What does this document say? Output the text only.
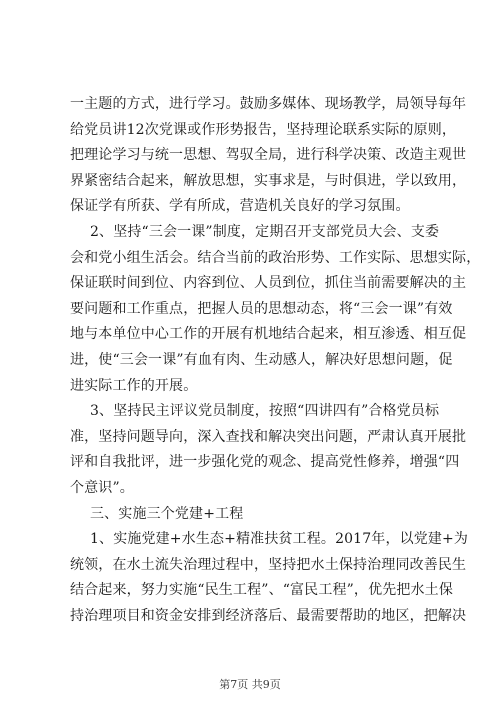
一主题的方式，进行学习。鼓励多媒体、现场教学，局领导每年
给党员讲12次党课或作形势报告，坚持理论联系实际的原则，
把理论学习与统一思想、驾驭全局，进行科学决策、改造主观世
界紧密结合起来，解放思想，实事求是，与时俱进，学以致用，
保证学有所获、学有所成，营造机关良好的学习氛围。
2、坚持“三会一课”制度，定期召开支部党员大会、支委
会和党小组生活会。结合当前的政治形势、工作实际、思想实际，
保证联时间到位、内容到位、人员到位，抓住当前需要解决的主
要问题和工作重点，把握人员的思想动态，将“三会一课”有效
地与本单位中心工作的开展有机地结合起来，相互渗透、相互促
进，使“三会一课”有血有肉、生动感人，解决好思想问题，促
进实际工作的开展。
3、坚持民主评议党员制度，按照“四讲四有”合格党员标
准，坚持问题导向，深入查找和解决突出问题，严肃认真开展批
评和自我批评，进一步强化党的观念、提高党性修养，增强“四
个意识”。
三、实施三个党建+工程
1、实施党建+水生态+精准扶贫工程。2017年，以党建+为
统领，在水土流失治理过程中，坚持把水土保持治理同改善民生
结合起来，努力实施“民生工程”、“富民工程”，优先把水土保
持治理项目和资金安排到经济落后、最需要帮助的地区，把解决
第7页 共9页
